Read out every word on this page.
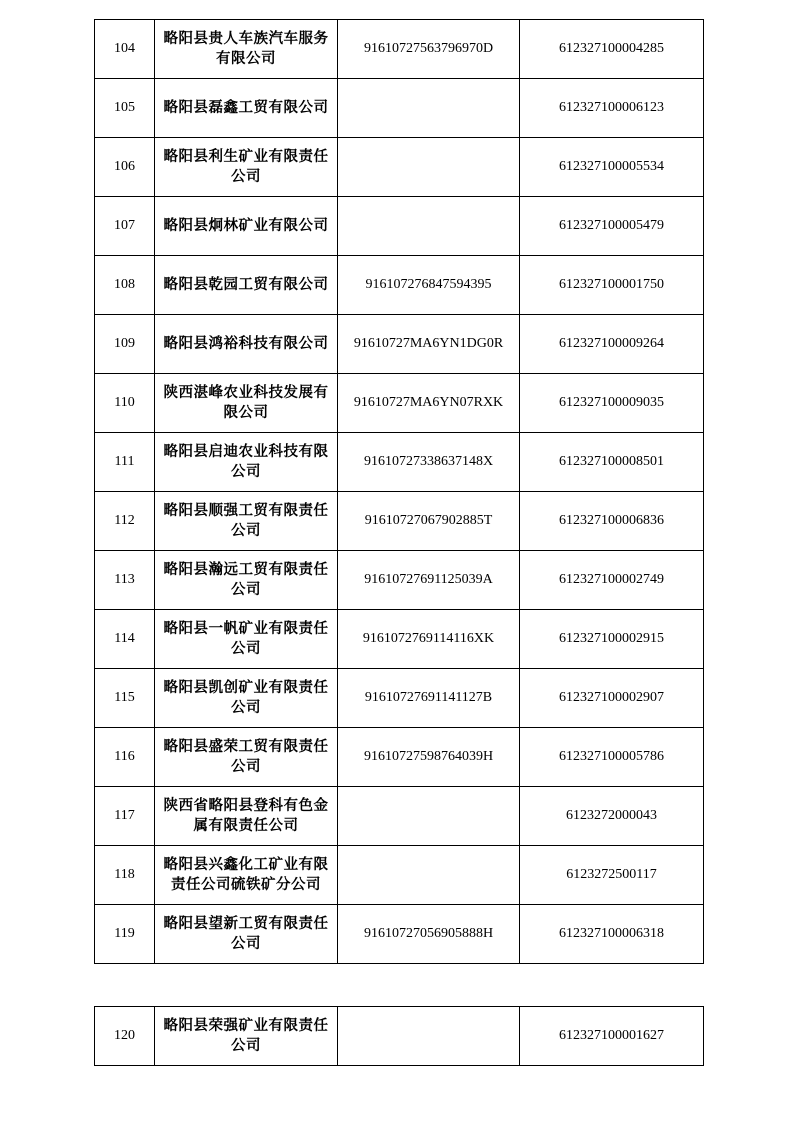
104	略阳县贵人车族汽车服务有限公司	91610727563796970D	612327100004285
105	略阳县磊鑫工贸有限公司		612327100006123
106	略阳县利生矿业有限责任公司		612327100005534
107	略阳县炯林矿业有限公司		612327100005479
108	略阳县乾园工贸有限公司	916107276847594395	612327100001750
109	略阳县鸿裕科技有限公司	91610727MA6YN1DG0R	612327100009264
110	陕西湛峰农业科技发展有限公司	91610727MA6YN07RXK	612327100009035
111	略阳县启迪农业科技有限公司	91610727338637148X	612327100008501
112	略阳县顺强工贸有限责任公司	91610727067902885T	612327100006836
113	略阳县瀚远工贸有限责任公司	91610727691125039A	612327100002749
114	略阳县一帆矿业有限责任公司	9161072769114116XK	612327100002915
115	略阳县凯创矿业有限责任公司	91610727691141127B	612327100002907
116	略阳县盛荣工贸有限责任公司	91610727598764039H	612327100005786
117	陕西省略阳县登科有色金属有限责任公司		6123272000043
118	略阳县兴鑫化工矿业有限责任公司硫铁矿分公司		6123272500117
119	略阳县望新工贸有限责任公司	91610727056905888H	612327100006318
120	略阳县荣强矿业有限责任公司		612327100001627
